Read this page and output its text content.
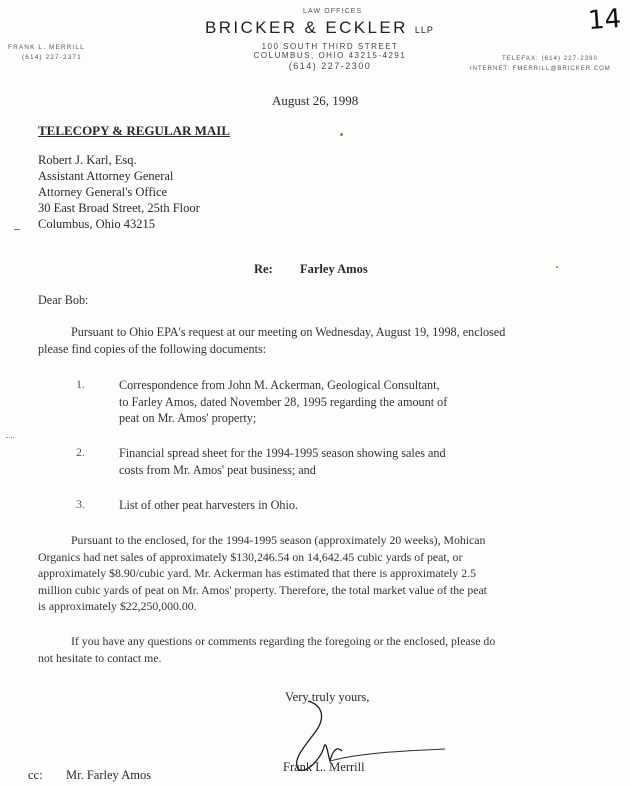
LAW OFFICES
BRICKER & ECKLER LLP
100 SOUTH THIRD STREET
COLUMBUS, OHIO 43215-4291
(614) 227-2300
FRANK L. MERRILL
(614) 227-2371	TELEFAX: (614) 227-2390
INTERNET: FMERRILL@BRICKER.COM
14
August 26, 1998
TELECOPY & REGULAR MAIL

Robert J. Karl, Esq.

Assistant Attorney General

Attorney General's Office

30 East Broad Street, 25th Floor

Columbus, Ohio 43215

Re: Farley Amos
Dear Bob:
Pursuant to Ohio EPA's request at our meeting on Wednesday, August 19, 1998, enclosed
please find copies of the following documents:
1.	Correspondence from John M. Ackerman, Geological Consultant,
to Farley Amos, dated November 28, 1995 regarding the amount of
peat on Mr. Amos' property;
2.	Financial spread sheet for the 1994-1995 season showing sales and
costs from Mr. Amos' peat business; and
3.	List of other peat harvesters in Ohio.
Pursuant to the enclosed, for the 1994-1995 season (approximately 20 weeks), Mohican
Organics had net sales of approximately $130,246.54 on 14,642.45 cubic yards of peat, or
approximately $8.90/cubic yard. Mr. Ackerman has estimated that there is approximately 2.5
million cubic yards of peat on Mr. Amos' property. Therefore, the total market value of the peat
is approximately $22,250,000.00.
If you have any questions or comments regarding the foregoing or the enclosed, please do
not hesitate to contact me.
Very truly yours,
Frank L. Merrill
cc: Mr. Farley Amos
